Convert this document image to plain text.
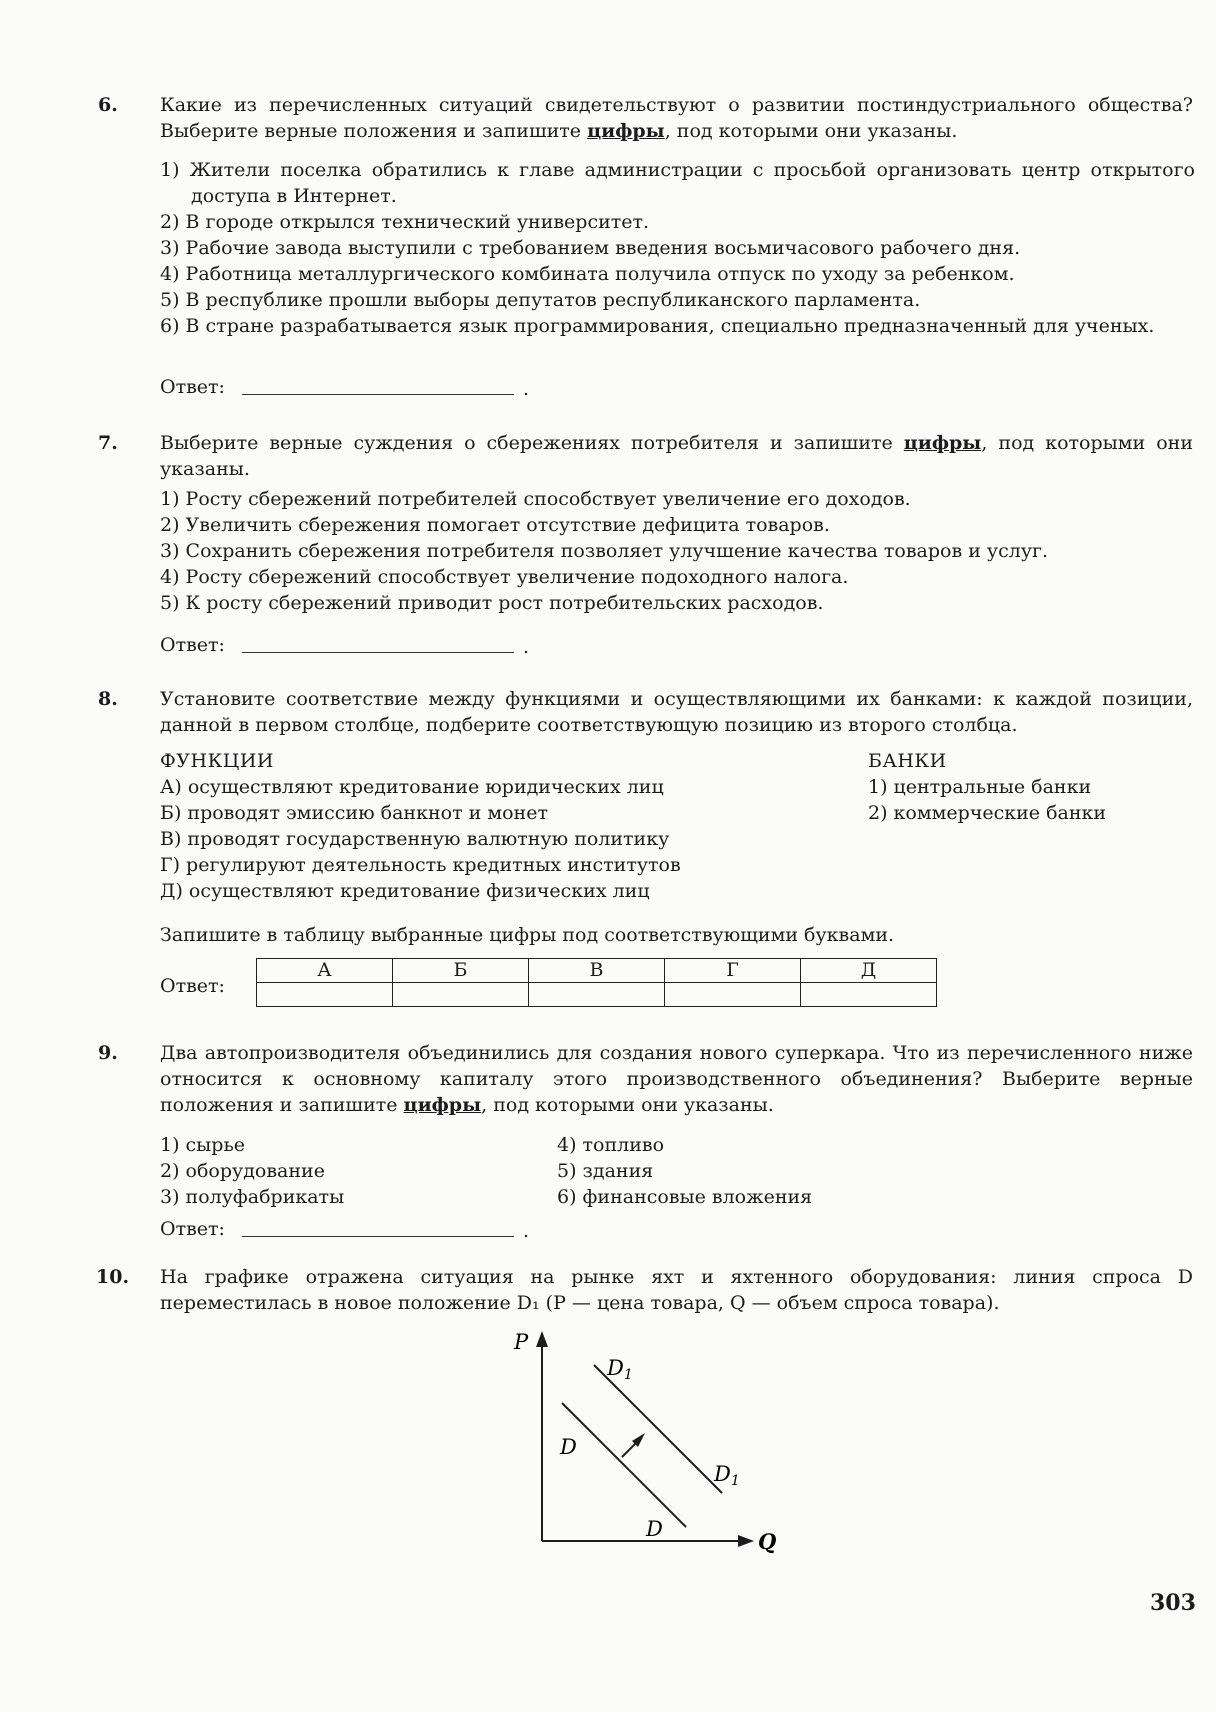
6. Какие из перечисленных ситуаций свидетельствуют о развитии постиндустриального общества? Выберите верные положения и запишите цифры, под которыми они указаны.

1) Жители поселка обратились к главе администрации с просьбой организовать центр открытого доступа в Интернет.
2) В городе открылся технический университет.
3) Рабочие завода выступили с требованием введения восьмичасового рабочего дня.
4) Работница металлургического комбината получила отпуск по уходу за ребенком.
5) В республике прошли выборы депутатов республиканского парламента.
6) В стране разрабатывается язык программирования, специально предназначенный для ученых.
Ответ:	.
7. Выберите верные суждения о сбережениях потребителя и запишите цифры, под которыми они указаны.

1) Росту сбережений потребителей способствует увеличение его доходов.
2) Увеличить сбережения помогает отсутствие дефицита товаров.
3) Сохранить сбережения потребителя позволяет улучшение качества товаров и услуг.
4) Росту сбережений способствует увеличение подоходного налога.
5) К росту сбережений приводит рост потребительских расходов.
Ответ:	.
8. Установите соответствие между функциями и осуществляющими их банками: к каждой позиции, данной в первом столбце, подберите соответствующую позицию из второго столбца.

ФУНКЦИИ
А) осуществляют кредитование юридических лиц
Б) проводят эмиссию банкнот и монет
В) проводят государственную валютную политику
Г) регулируют деятельность кредитных институтов
Д) осуществляют кредитование физических лиц
БАНКИ
1) центральные банки
2) коммерческие банки

Запишите в таблицу выбранные цифры под соответствующими буквами.

Ответ:
А	Б	В	Г	Д

9. Два автопроизводителя объединились для создания нового суперкара. Что из перечисленного ниже относится к основному капиталу этого производственного объединения? Выберите верные положения и запишите цифры, под которыми они указаны.

1) сырье
2) оборудование
3) полуфабрикаты
4) топливо
5) здания
6) финансовые вложения
Ответ:	.
10. На графике отражена ситуация на рынке яхт и яхтенного оборудования: линия спроса D переместилась в новое положение D₁ (P — цена товара, Q — объем спроса товара).

P
Q
D
D
D1
D1
303
